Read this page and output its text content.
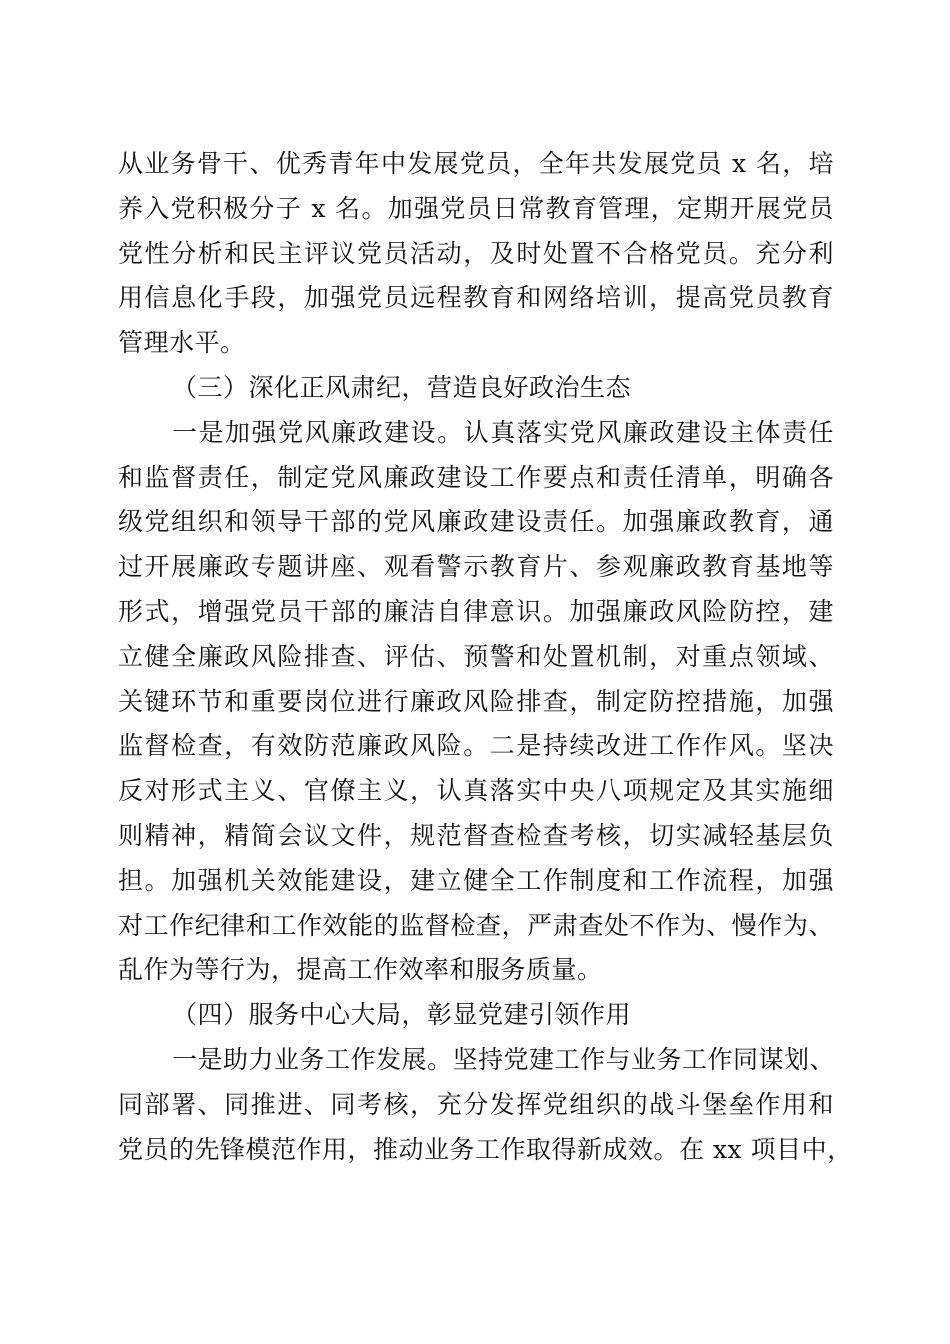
从业务骨干、优秀青年中发展党员，全年共发展党员 x 名，培
养入党积极分子 x 名。加强党员日常教育管理，定期开展党员
党性分析和民主评议党员活动，及时处置不合格党员。充分利
用信息化手段，加强党员远程教育和网络培训，提高党员教育
管理水平。
（三）深化正风肃纪，营造良好政治生态
一是加强党风廉政建设。认真落实党风廉政建设主体责任
和监督责任，制定党风廉政建设工作要点和责任清单，明确各
级党组织和领导干部的党风廉政建设责任。加强廉政教育，通
过开展廉政专题讲座、观看警示教育片、参观廉政教育基地等
形式，增强党员干部的廉洁自律意识。加强廉政风险防控，建
立健全廉政风险排查、评估、预警和处置机制，对重点领域、
关键环节和重要岗位进行廉政风险排查，制定防控措施，加强
监督检查，有效防范廉政风险。二是持续改进工作作风。坚决
反对形式主义、官僚主义，认真落实中央八项规定及其实施细
则精神，精简会议文件，规范督查检查考核，切实减轻基层负
担。加强机关效能建设，建立健全工作制度和工作流程，加强
对工作纪律和工作效能的监督检查，严肃查处不作为、慢作为、
乱作为等行为，提高工作效率和服务质量。
（四）服务中心大局，彰显党建引领作用
一是助力业务工作发展。坚持党建工作与业务工作同谋划、
同部署、同推进、同考核，充分发挥党组织的战斗堡垒作用和
党员的先锋模范作用，推动业务工作取得新成效。在 xx 项目中，
